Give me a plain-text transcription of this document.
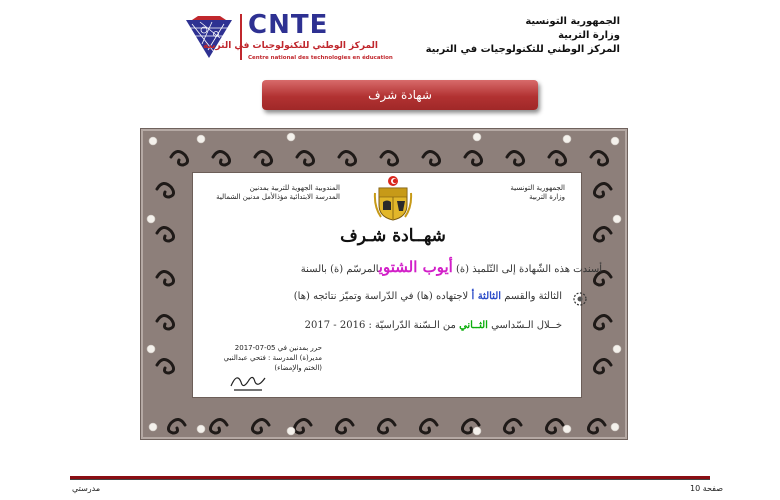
CNTE
المركز الوطني للتكنولوجيات في التربية
Centre national des technologies en éducation
الجمهورية التونسية
وزارة التربية
المركز الوطني للتكنولوجيات في التربية
شهادة شرف
المندوبية الجهوية للتربية بمدنين
المدرسة الابتدائية مؤذالأمل مدنين الشمالية
الجمهورية التونسية
وزارة التربية
شهــادة شـرف
أسندت هذه الشّهادة إلى التّلميذ (ة) أيوب الشتويالمرسّم (ة) بالسنة
الثالثة والقسم الثالثة أ لاجتهاده (ها) في الدّراسة وتميّز نتائجه (ها)
خــلال الـسّداسي الثــاني من الـسّنة الدّراسيّة : 2016 - 2017
حرر بمدنين في 05-07-2017
مدير(ة) المدرسة : فتحي عبدالنبي
(الختم والإمضاء)
صفحة 10
مدرستي
